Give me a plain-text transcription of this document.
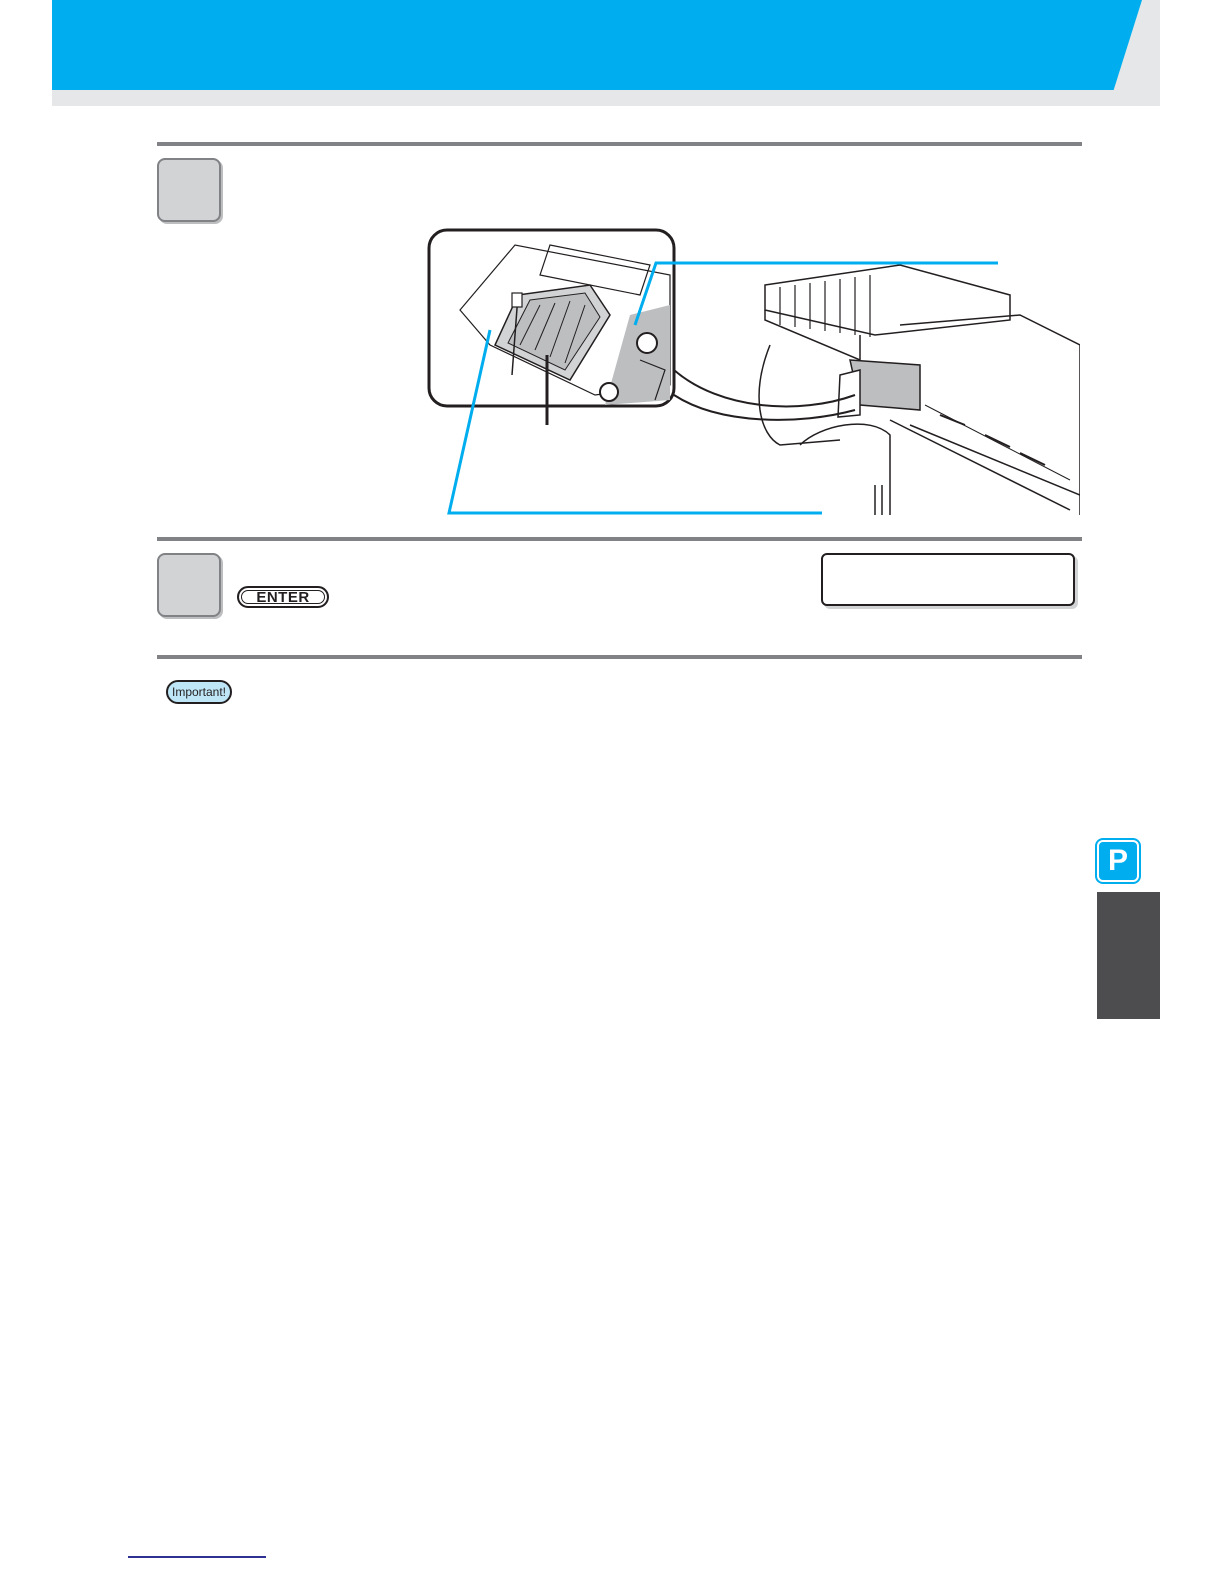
ENTER
Important!
P
